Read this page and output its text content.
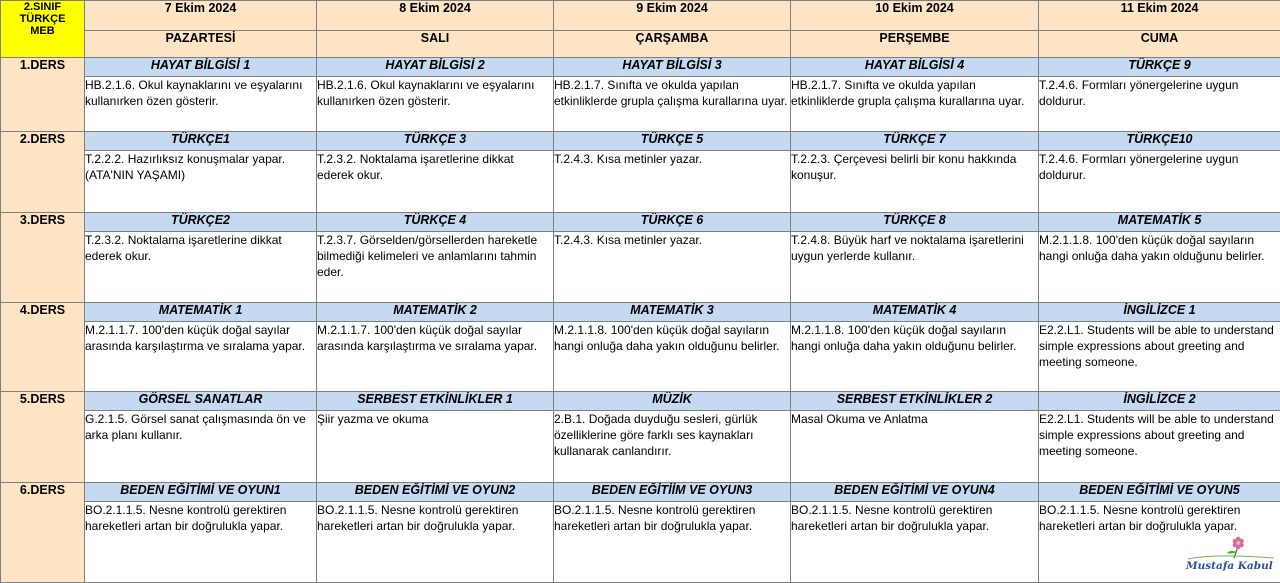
2.SINIF
TÜRKÇE
MEB	7 Ekim 2024	8 Ekim 2024	9 Ekim 2024	10 Ekim 2024	11 Ekim 2024
	PAZARTESİ	SALI	ÇARŞAMBA	PERŞEMBE	CUMA
1.DERS	HAYAT BİLGİSİ 1	HAYAT BİLGİSİ 2	HAYAT BİLGİSİ 3	HAYAT BİLGİSİ 4	TÜRKÇE 9
	HB.2.1.6. Okul kaynaklarını ve eşyalarını kullanırken özen gösterir.	HB.2.1.6. Okul kaynaklarını ve eşyalarını kullanırken özen gösterir.	HB.2.1.7. Sınıfta ve okulda yapılan etkinliklerde grupla çalışma kurallarına uyar.	HB.2.1.7. Sınıfta ve okulda yapılan etkinliklerde grupla çalışma kurallarına uyar.	T.2.4.6. Formları yönergelerine uygun doldurur.
2.DERS	TÜRKÇE1	TÜRKÇE 3	TÜRKÇE 5	TÜRKÇE 7	TÜRKÇE10
	T.2.2.2. Hazırlıksız konuşmalar yapar.(ATA'NIN YAŞAMI)	T.2.3.2. Noktalama işaretlerine dikkat ederek okur.	T.2.4.3. Kısa metinler yazar.	T.2.2.3. Çerçevesi belirli bir konu hakkında konuşur.	T.2.4.6. Formları yönergelerine uygun doldurur.
3.DERS	TÜRKÇE2	TÜRKÇE 4	TÜRKÇE 6	TÜRKÇE 8	MATEMATİK 5
	T.2.3.2. Noktalama işaretlerine dikkat ederek okur.	T.2.3.7. Görselden/görsellerden hareketle bilmediği kelimeleri ve anlamlarını tahmin eder.	T.2.4.3. Kısa metinler yazar.	T.2.4.8. Büyük harf ve noktalama işaretlerini uygun yerlerde kullanır.	M.2.1.1.8. 100'den küçük doğal sayıların hangi onluğa daha yakın olduğunu belirler.
4.DERS	MATEMATİK 1	MATEMATİK 2	MATEMATİK 3	MATEMATİK 4	İNGİLİZCE 1
	M.2.1.1.7. 100'den küçük doğal sayılar arasında karşılaştırma ve sıralama yapar.	M.2.1.1.7. 100'den küçük doğal sayılar arasında karşılaştırma ve sıralama yapar.	M.2.1.1.8. 100'den küçük doğal sayıların hangi onluğa daha yakın olduğunu belirler.	M.2.1.1.8. 100'den küçük doğal sayıların hangi onluğa daha yakın olduğunu belirler.	E2.2.L1. Students will be able to understand simple expressions about greeting and meeting someone.
5.DERS	GÖRSEL SANATLAR	SERBEST ETKİNLİKLER 1	MÜZİK	SERBEST ETKİNLİKLER 2	İNGİLİZCE 2
	G.2.1.5. Görsel sanat çalışmasında ön ve arka planı kullanır.	Şiir yazma ve okuma	2.B.1. Doğada duyduğu sesleri, gürlük özelliklerine göre farklı ses kaynakları kullanarak canlandırır.	Masal Okuma ve Anlatma	E2.2.L1. Students will be able to understand simple expressions about greeting and meeting someone.
6.DERS	BEDEN EĞİTİMİ VE OYUN1	BEDEN EĞİTİMİ VE OYUN2	BEDEN EĞİTİİM VE OYUN3	BEDEN EĞİTİMİ VE OYUN4	BEDEN EĞİTİMİ VE OYUN5
	BO.2.1.1.5. Nesne kontrolü gerektiren hareketleri artan bir doğrulukla yapar.	BO.2.1.1.5. Nesne kontrolü gerektiren hareketleri artan bir doğrulukla yapar.	BO.2.1.1.5. Nesne kontrolü gerektiren hareketleri artan bir doğrulukla yapar.	BO.2.1.1.5. Nesne kontrolü gerektiren hareketleri artan bir doğrulukla yapar.	BO.2.1.1.5. Nesne kontrolü gerektiren hareketleri artan bir doğrulukla yapar.
Mustafa Kabul
